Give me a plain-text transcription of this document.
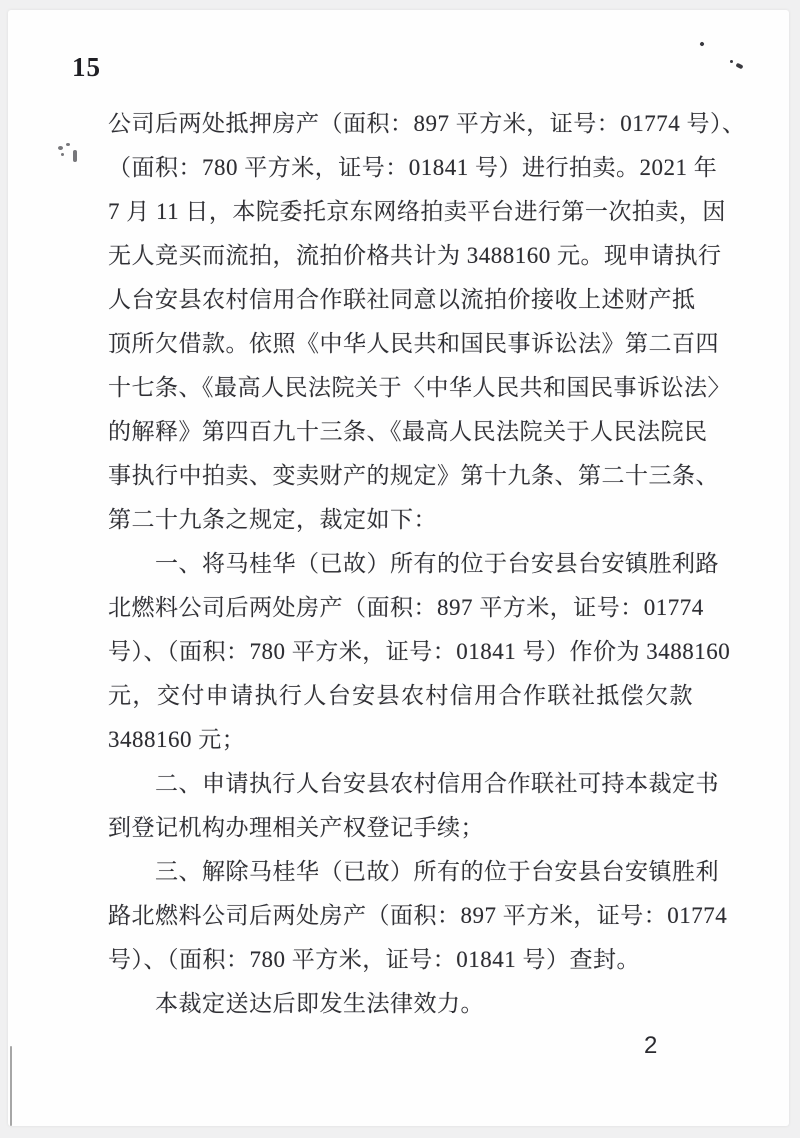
15
公司后两处抵押房产（面积：897 平方米，证号：01774 号）、
（面积：780 平方米，证号：01841 号）进行拍卖。2021 年
7 月 11 日，本院委托京东网络拍卖平台进行第一次拍卖，因
无人竞买而流拍，流拍价格共计为 3488160 元。现申请执行
人台安县农村信用合作联社同意以流拍价接收上述财产抵
顶所欠借款。依照《中华人民共和国民事诉讼法》第二百四
十七条、《最高人民法院关于〈中华人民共和国民事诉讼法〉
的解释》第四百九十三条、《最高人民法院关于人民法院民
事执行中拍卖、变卖财产的规定》第十九条、第二十三条、
第二十九条之规定，裁定如下：
一、将马桂华（已故）所有的位于台安县台安镇胜利路
北燃料公司后两处房产（面积：897 平方米，证号：01774
号）、（面积：780 平方米，证号：01841 号）作价为 3488160
元，交付申请执行人台安县农村信用合作联社抵偿欠款
3488160 元；
二、申请执行人台安县农村信用合作联社可持本裁定书
到登记机构办理相关产权登记手续；
三、解除马桂华（已故）所有的位于台安县台安镇胜利
路北燃料公司后两处房产（面积：897 平方米，证号：01774
号）、（面积：780 平方米，证号：01841 号）查封。
本裁定送达后即发生法律效力。
2
